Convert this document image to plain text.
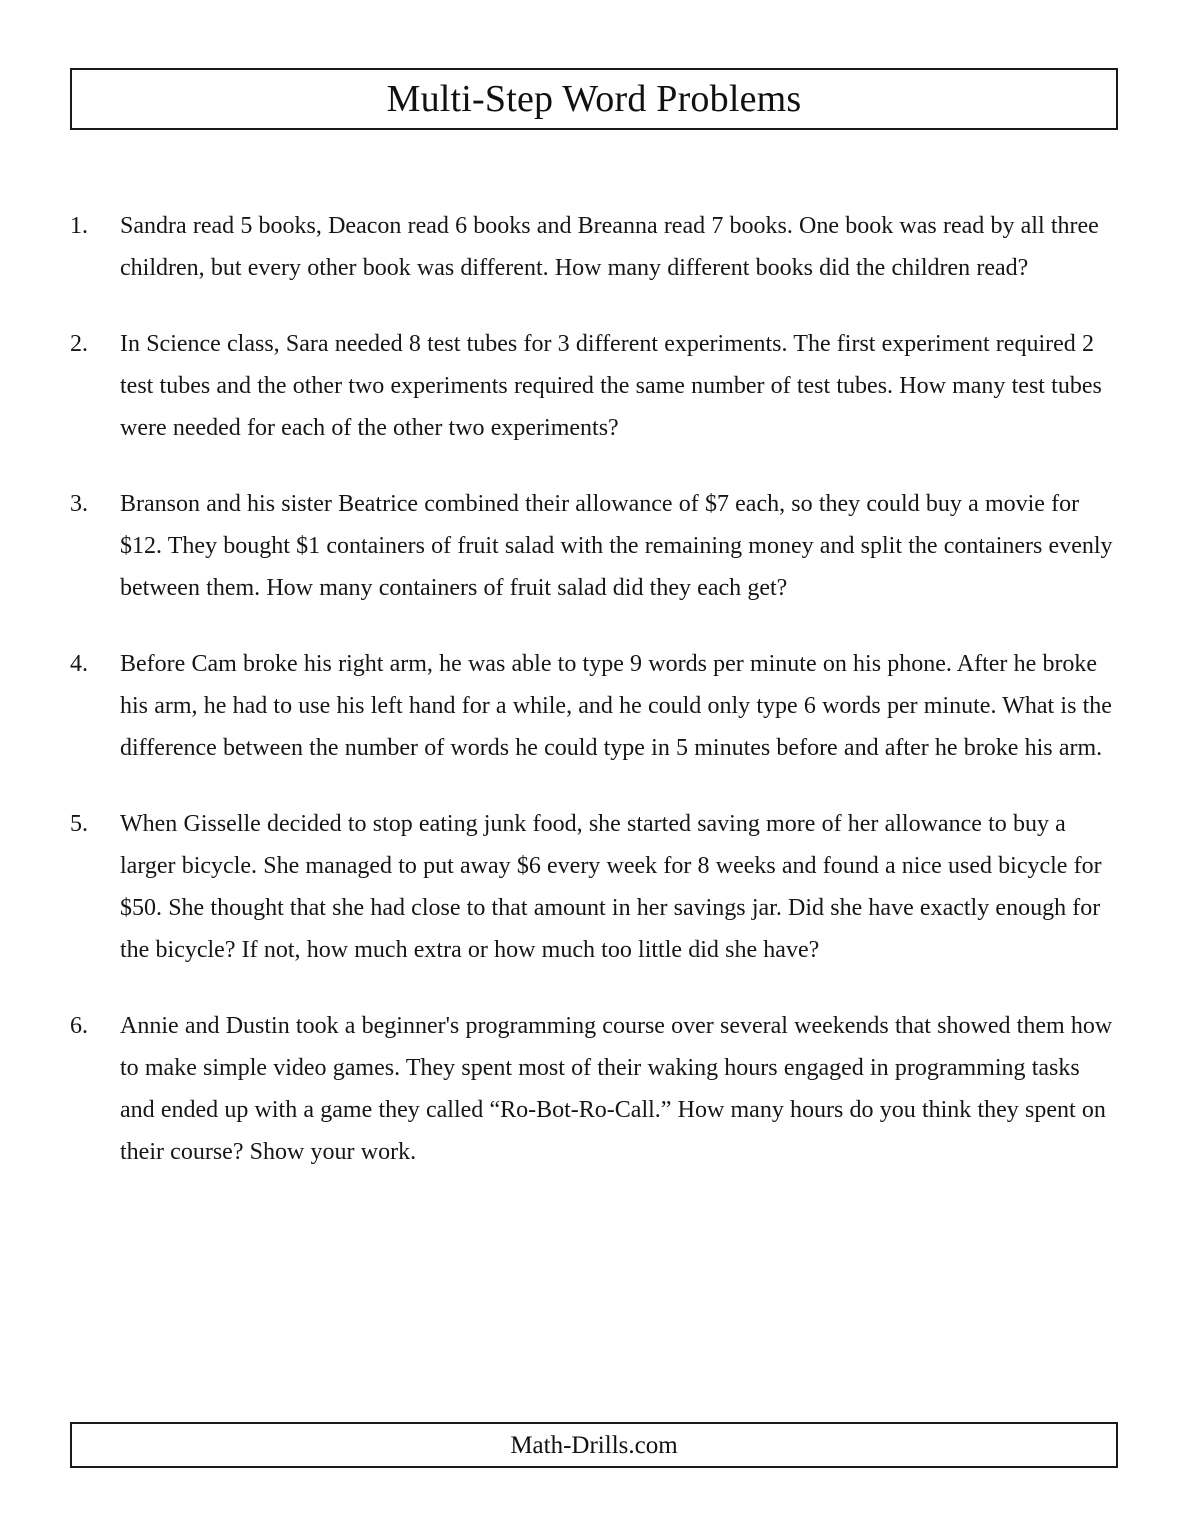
Multi-Step Word Problems
1.	Sandra read 5 books, Deacon read 6 books and Breanna read 7 books. One book was read by all three children, but every other book was different. How many different books did the children read?
2.	In Science class, Sara needed 8 test tubes for 3 different experiments. The first experiment required 2 test tubes and the other two experiments required the same number of test tubes. How many test tubes were needed for each of the other two experiments?
3.	Branson and his sister Beatrice combined their allowance of $7 each, so they could buy a movie for $12. They bought $1 containers of fruit salad with the remaining money and split the containers evenly between them. How many containers of fruit salad did they each get?
4.	Before Cam broke his right arm, he was able to type 9 words per minute on his phone. After he broke his arm, he had to use his left hand for a while, and he could only type 6 words per minute. What is the difference between the number of words he could type in 5 minutes before and after he broke his arm.
5.	When Gisselle decided to stop eating junk food, she started saving more of her allowance to buy a larger bicycle. She managed to put away $6 every week for 8 weeks and found a nice used bicycle for $50. She thought that she had close to that amount in her savings jar. Did she have exactly enough for the bicycle? If not, how much extra or how much too little did she have?
6.	Annie and Dustin took a beginner's programming course over several weekends that showed them how to make simple video games. They spent most of their waking hours engaged in programming tasks and ended up with a game they called “Ro-Bot-Ro-Call.” How many hours do you think they spent on their course? Show your work.
Math-Drills.com
